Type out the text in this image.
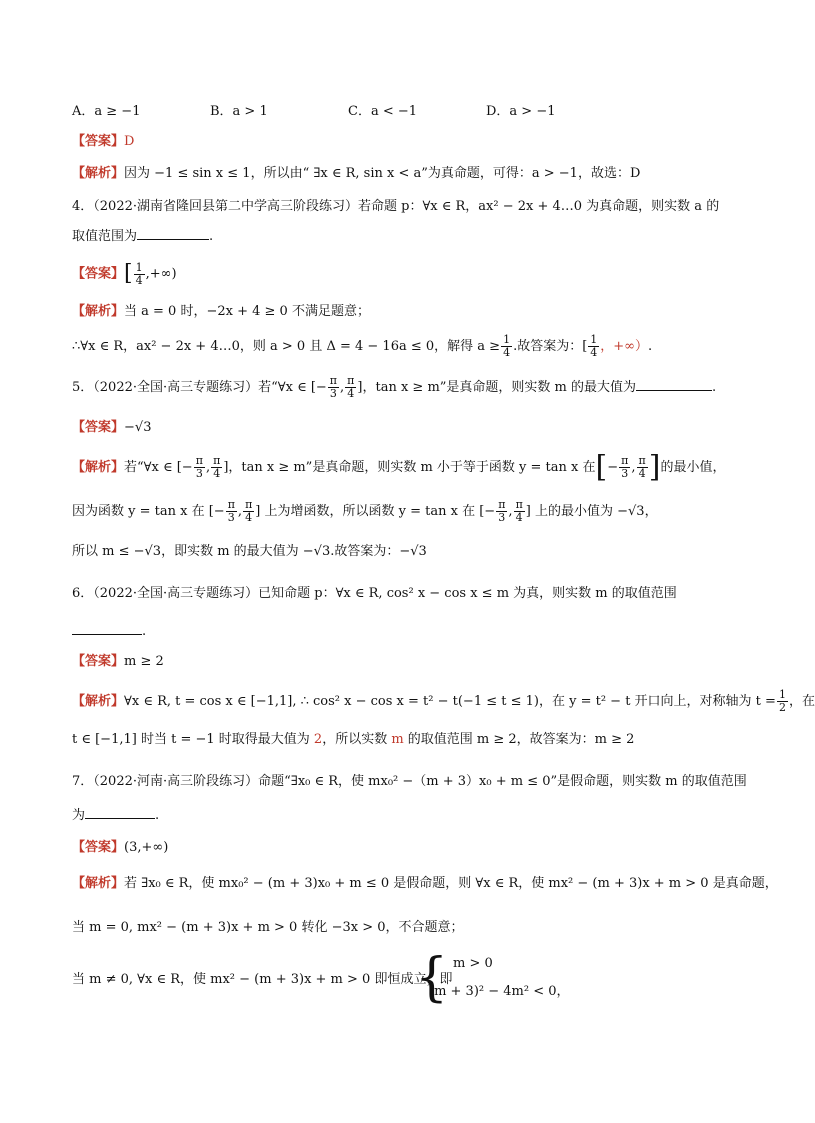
A．a ≥ −1	B．a > 1	C．a < −1	D．a > −1
【答案】D
【解析】因为 −1 ≤ sin x ≤ 1，所以由“ ∃x ∈ R, sin x < a”为真命题，可得：a > −1，故选：D
4．（2022·湖南省隆回县第二中学高三阶段练习）若命题 p：∀x ∈ R，ax² − 2x + 4…0 为真命题，则实数 a 的
取值范围为	.
【答案】[ $\frac{1}{4}$ ,+∞)
【解析】当 a = 0 时，−2x + 4 ≥ 0 不满足题意；
∴∀x ∈ R，ax² − 2x + 4…0，则 a > 0 且 Δ = 4 − 16a ≤ 0，解得 $a \ge \frac{1}{4}$ .故答案为：[ $\frac{1}{4}$ ，+∞）.
5．（2022·全国·高三专题练习）若“∀x ∈ [− $\frac{\pi}{3}$ , $\frac{\pi}{4}$ ]，tan x ≥ m”是真命题，则实数 m 的最大值为	.
【答案】−√3
【解析】若“∀x ∈ [− $\frac{\pi}{3}$ , $\frac{\pi}{4}$ ]，tan x ≥ m”是真命题，则实数 m 小于等于函数 y = tan x 在[− $\frac{\pi}{3}$ , $\frac{\pi}{4}$ ]的最小值，
因为函数 y = tan x 在 [− $\frac{\pi}{3}$ , $\frac{\pi}{4}$ ] 上为增函数，所以函数 y = tan x 在 [− $\frac{\pi}{3}$ , $\frac{\pi}{4}$ ] 上的最小值为 −√3，
所以 m ≤ −√3，即实数 m 的最大值为 −√3.故答案为：−√3
6．（2022·全国·高三专题练习）已知命题 p：∀x ∈ R, cos² x − cos x ≤ m 为真，则实数 m 的取值范围
.
【答案】m ≥ 2
【解析】∀x ∈ R, t = cos x ∈ [−1,1], ∴ cos² x − cos x = t² − t(−1 ≤ t ≤ 1)，在 y = t² − t 开口向上，对称轴为 $t = \frac{1}{2}$ ，在
t ∈ [−1,1] 时当 t = −1 时取得最大值为 2，所以实数 m 的取值范围 m ≥ 2，故答案为：m ≥ 2
7．（2022·河南·高三阶段练习）命题“∃x₀ ∈ R，使 mx₀² −（m + 3）x₀ + m ≤ 0”是假命题，则实数 m 的取值范围
为	.
【答案】(3,+∞)
【解析】若 ∃x₀ ∈ R，使 mx₀² − (m + 3)x₀ + m ≤ 0 是假命题，则 ∀x ∈ R，使 mx² − (m + 3)x + m > 0 是真命题，
当 m = 0, mx² − (m + 3)x + m > 0 转化 −3x > 0，不合题意；
当 m ≠ 0, ∀x ∈ R，使 mx² − (m + 3)x + m > 0 即恒成立，即
{ m > 0
(m + 3)² − 4m² < 0，
